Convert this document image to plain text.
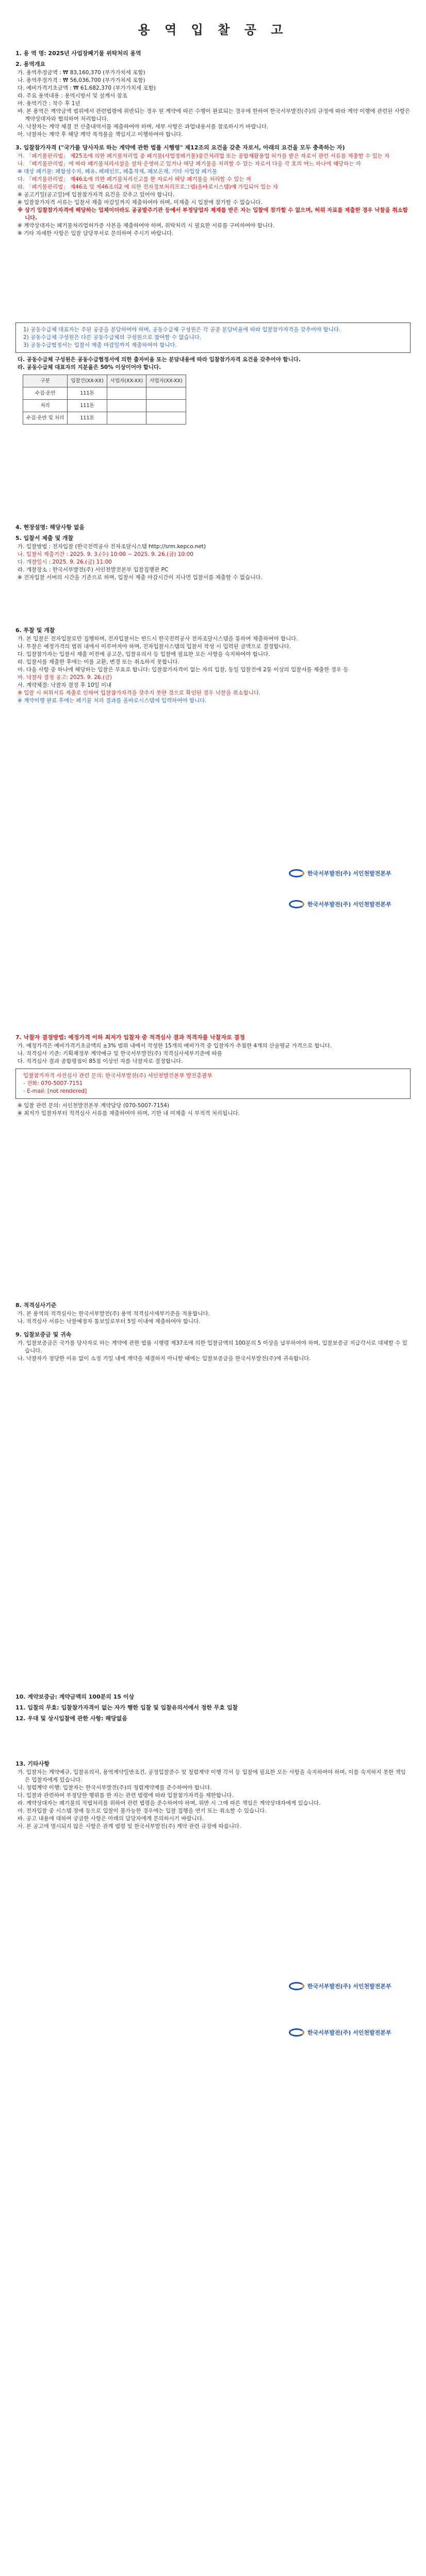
용 역 입 찰 공 고
1. 용 역 명: 2025년 사업장폐기물 위탁처리 용역
2. 용역개요

가. 용역추정금액 : ₩ 83,160,370 (부가가치세 포함)

나. 용역추정가격 : ₩ 56,036,700 (부가가치세 포함)

다. 예비가격기초금액 : ₩ 61,682,370 (부가가치세 포함)

라. 주요 용역내용 : 용역시방서 및 설계서 참조

마. 용역기간 : 착수 후 1년

바. 본 용역은 계약금액 범위에서 관련법령에 위반되는 경우 원 계약에 따른 수행이 완료되는 경우에 한하여 한국서부발전(주)의 규정에 따라 계약 이행에 관련된 사항은 계약상대자와 협의하여 처리합니다.

사. 낙찰자는 계약 체결 전 산출내역서를 제출하여야 하며, 세부 사항은 과업내용서를 참조하시기 바랍니다.

아. 낙찰자는 계약 후 해당 계약 목적물을 책임지고 이행하여야 합니다.

3. 입찰참가자격 ("국가를 당사자로 하는 계약에 관한 법률 시행령" 제12조의 요건을 갖춘 자로서, 아래의 요건을 모두 충족하는 자)

가. 「폐기물관리법」 제25조에 의한 폐기물처리업 중 폐기물(사업장폐기물)중간처리업 또는 종합재활용업 허가를 받은 자로서 관련 서류를 제출할 수 있는 자

나. 「폐기물관리법」에 따라 폐기물처리시설을 설치·운영하고 있거나 해당 폐기물을 처리할 수 있는 자로서 다음 각 호의 어느 하나에 해당하는 자

※ 대상 폐기물: 폐합성수지, 폐유, 폐페인트, 폐흡착제, 폐보온재, 기타 사업장 폐기물

다. 「폐기물관리법」 제46조에 의한 폐기물처리신고를 한 자로서 해당 폐기물을 처리할 수 있는 자

라. 「폐기물관리법」 제46조 및 제46조의2 에 의한 전자정보처리프로그램(올바로시스템)에 가입되어 있는 자

※ 공고기일(공고일)에 입찰참가자격 요건을 갖추고 있어야 합니다.

※ 입찰참가자격 서류는 입찰서 제출 마감일까지 제출하여야 하며, 미제출 시 입찰에 참가할 수 없습니다.

※ 상기 입찰참가자격에 해당하는 업체이더라도 공공발주기관 등에서 부정당업자 제재를 받은 자는 입찰에 참가할 수 없으며, 허위 자료를 제출한 경우 낙찰을 취소합니다.

※ 계약상대자는 폐기물처리업허가증 사본을 제출하여야 하며, 위탁처리 시 필요한 서류를 구비하여야 합니다.

※ 기타 자세한 사항은 입찰 담당부서로 문의하여 주시기 바랍니다.

1) 공동수급체 대표자는 주된 공종을 분담하여야 하며, 공동수급체 구성원은 각 공종 분담비율에 따라 입찰참가자격을 갖추어야 합니다.

2) 공동수급체 구성원은 다른 공동수급체의 구성원으로 참여할 수 없습니다.

3) 공동수급협정서는 입찰서 제출 마감일까지 제출하여야 합니다.

다. 공동수급체 구성원은 공동수급협정서에 의한 출자비율 또는 분담내용에 따라 입찰참가자격 요건을 갖추어야 합니다.

라. 공동수급체 대표자의 지분율은 50% 이상이어야 합니다.

구분	입찰건(XX-XX)	사업자(XX-XX)	사업자(XX-XX)
수집·운반	111톤		
처리	111톤		
수집·운반 및 처리	111톤		
4. 현장설명: 해당사항 없음
5. 입찰서 제출 및 개찰

가. 입찰방법 : 전자입찰 (한국전력공사 전자조달시스템 http://srm.kepco.net)

나. 입찰서 제출기간 : 2025. 9. 3.(수) 10:00 ~ 2025. 9. 26.(금) 10:00

다. 개찰일시 : 2025. 9. 26.(금) 11:00

라. 개찰장소 : 한국서부발전(주) 서인천발전본부 입찰집행관 PC

※ 전자입찰 서버의 시간을 기준으로 하며, 입찰서 제출 마감시간이 지나면 입찰서를 제출할 수 없습니다.

6. 투찰 및 개찰

가. 본 입찰은 전자입찰로만 집행하며, 전자입찰서는 반드시 한국전력공사 전자조달시스템을 통하여 제출하여야 합니다.

나. 투찰은 예정가격의 범위 내에서 이루어져야 하며, 전자입찰시스템의 입찰서 작성 시 입력된 금액으로 결정합니다.

다. 입찰참가자는 입찰서 제출 이전에 공고문, 입찰유의서 등 입찰에 필요한 모든 사항을 숙지하여야 합니다.

라. 입찰서를 제출한 후에는 이를 교환, 변경 또는 취소하지 못합니다.

마. 다음 사항 중 하나에 해당하는 입찰은 무효로 합니다: 입찰참가자격이 없는 자의 입찰, 동일 입찰건에 2통 이상의 입찰서를 제출한 경우 등

바. 낙찰자 결정 공고: 2025. 9. 26.(금)

사. 계약체결: 낙찰자 결정 후 10일 이내

※ 입찰 시 허위서류 제출로 인하여 입찰참가자격을 갖추지 못한 것으로 확인된 경우 낙찰을 취소합니다.

※ 계약이행 완료 후에는 폐기물 처리 결과를 올바로시스템에 입력하여야 합니다.

한국서부발전(주) 서인천발전본부
한국서부발전(주) 서인천발전본부
7. 낙찰자 결정방법: 예정가격 이하 최저가 입찰자 중 적격심사 결과 적격자를 낙찰자로 결정

가. 예정가격은 예비가격기초금액의 ±3% 범위 내에서 작성한 15개의 예비가격 중 입찰자가 추첨한 4개의 산술평균 가격으로 합니다.

나. 적격심사 기준: 기획재정부 계약예규 및 한국서부발전(주) 적격심사세부기준에 따름

다. 적격심사 결과 종합평점이 85점 이상인 자를 낙찰자로 결정합니다.

입찰참가자격 사전심사 관련 문의: 한국서부발전(주) 서인천발전본부 발전총괄부

- 전화: 070-5007-7151

- E-mail: [not rendered]

※ 입찰 관련 문의: 서인천발전본부 계약담당 (070-5007-7154)

※ 최저가 입찰자부터 적격심사 서류를 제출하여야 하며, 기한 내 미제출 시 부적격 처리됩니다.

8. 적격심사기준

가. 본 용역의 적격심사는 한국서부발전(주) 용역 적격심사세부기준을 적용합니다.

나. 적격심사 서류는 낙찰예정자 통보일로부터 5일 이내에 제출하여야 합니다.

9. 입찰보증금 및 귀속

가. 입찰보증금은 국가를 당사자로 하는 계약에 관한 법률 시행령 제37조에 의한 입찰금액의 100분의 5 이상을 납부하여야 하며, 입찰보증금 지급각서로 대체할 수 있습니다.

나. 낙찰자가 정당한 이유 없이 소정 기일 내에 계약을 체결하지 아니할 때에는 입찰보증금을 한국서부발전(주)에 귀속합니다.

10. 계약보증금: 계약금액의 100분의 15 이상
11. 입찰의 무효: 입찰참가자격이 없는 자가 행한 입찰 및 입찰유의서에서 정한 무효 입찰
12. 우대 및 상시입찰에 관한 사항: 해당없음
13. 기타사항

가. 입찰자는 계약예규, 입찰유의서, 용역계약일반조건, 공정입찰준수 및 청렴계약 이행 각서 등 입찰에 필요한 모든 사항을 숙지하여야 하며, 이를 숙지하지 못한 책임은 입찰자에게 있습니다.

나. 청렴계약 이행: 입찰자는 한국서부발전(주)의 청렴계약제를 준수하여야 합니다.

다. 입찰과 관련하여 부정당한 행위를 한 자는 관련 법령에 따라 입찰참가자격을 제한합니다.

라. 계약상대자는 폐기물의 적법처리를 위하여 관련 법령을 준수하여야 하며, 위반 시 그에 따른 책임은 계약상대자에게 있습니다.

마. 전자입찰 중 시스템 장애 등으로 입찰이 불가능한 경우에는 입찰 집행을 연기 또는 취소할 수 있습니다.

바. 공고 내용에 대하여 궁금한 사항은 아래의 담당자에게 문의하시기 바랍니다.

사. 본 공고에 명시되지 않은 사항은 관계 법령 및 한국서부발전(주) 계약 관련 규정에 따릅니다.

한국서부발전(주) 서인천발전본부
한국서부발전(주) 서인천발전본부
